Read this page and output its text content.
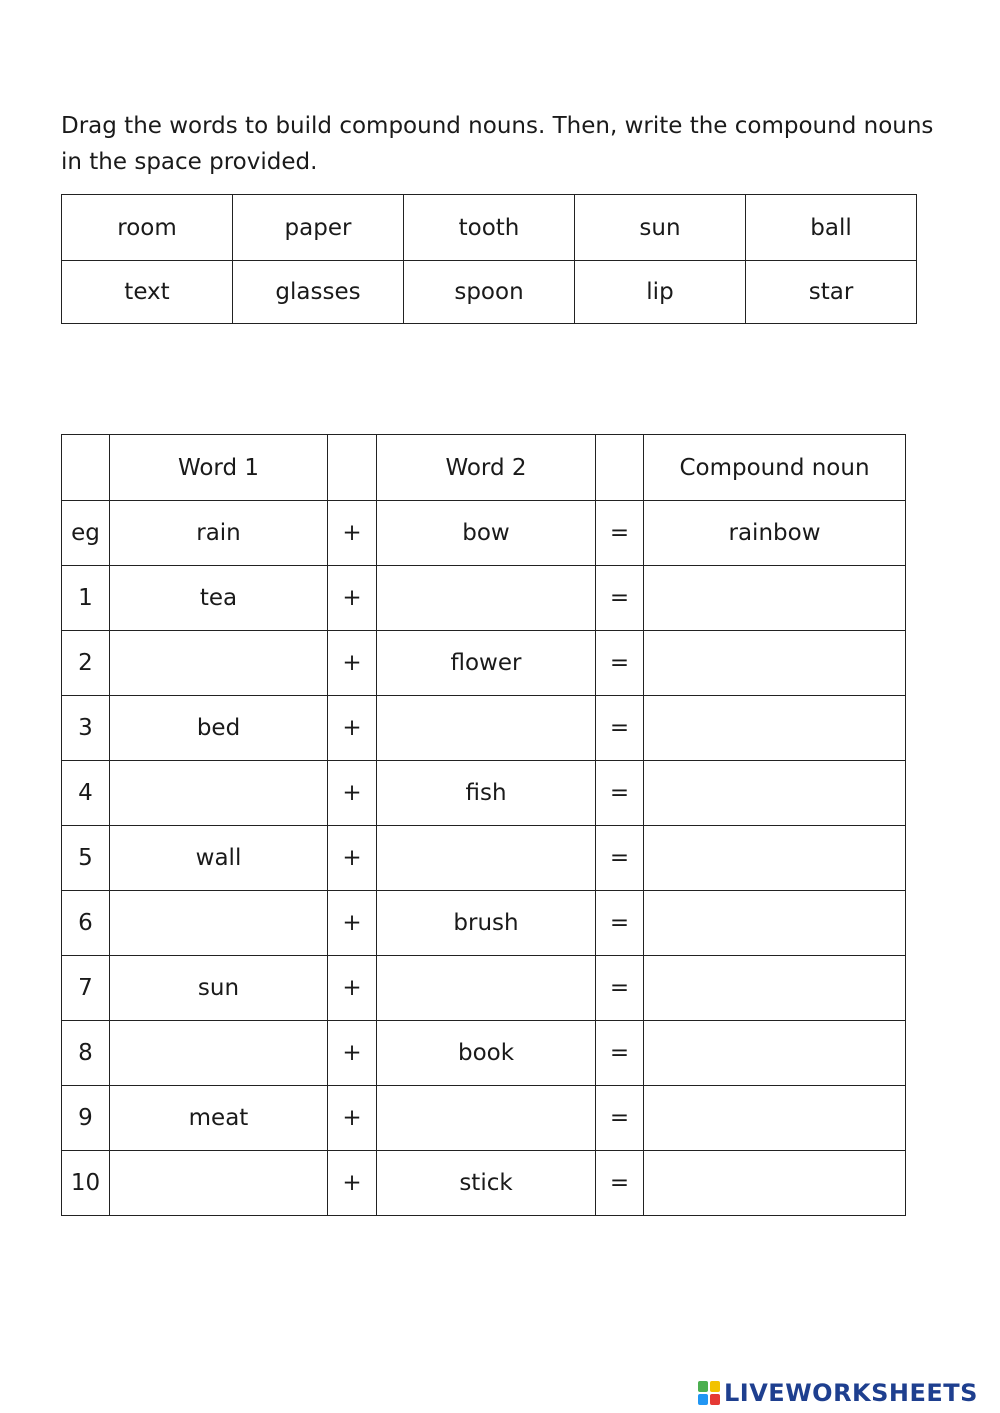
Drag the words to build compound nouns. Then, write the compound nouns in the space provided.

room	paper	tooth	sun	ball
text	glasses	spoon	lip	star
	Word 1		Word 2		Compound noun
eg	rain	+	bow	=	rainbow
1	tea	+		=	
2		+	flower	=	
3	bed	+		=	
4		+	fish	=	
5	wall	+		=	
6		+	brush	=	
7	sun	+		=	
8		+	book	=	
9	meat	+		=	
10		+	stick	=	
LIVEWORKSHEETS
